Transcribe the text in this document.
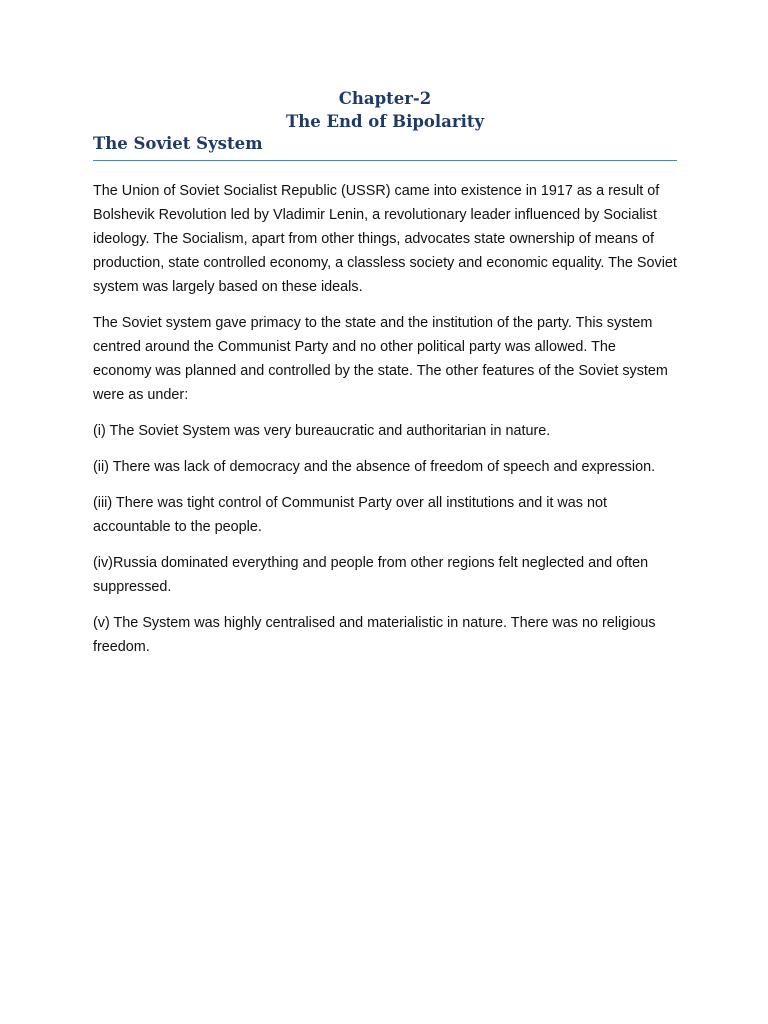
Chapter-2
The End of Bipolarity
The Soviet System

The Union of Soviet Socialist Republic (USSR) came into existence in 1917 as a result of Bolshevik Revolution led by Vladimir Lenin, a revolutionary leader influenced by Socialist ideology. The Socialism, apart from other things, advocates state ownership of means of production, state controlled economy, a classless society and economic equality. The Soviet system was largely based on these ideals.

The Soviet system gave primacy to the state and the institution of the party. This system centred around the Communist Party and no other political party was allowed. The economy was planned and controlled by the state. The other features of the Soviet system were as under:

(i) The Soviet System was very bureaucratic and authoritarian in nature.

(ii) There was lack of democracy and the absence of freedom of speech and expression.

(iii) There was tight control of Communist Party over all institutions and it was not accountable to the people.

(iv)Russia dominated everything and people from other regions felt neglected and often suppressed.

(v) The System was highly centralised and materialistic in nature. There was no religious freedom.
